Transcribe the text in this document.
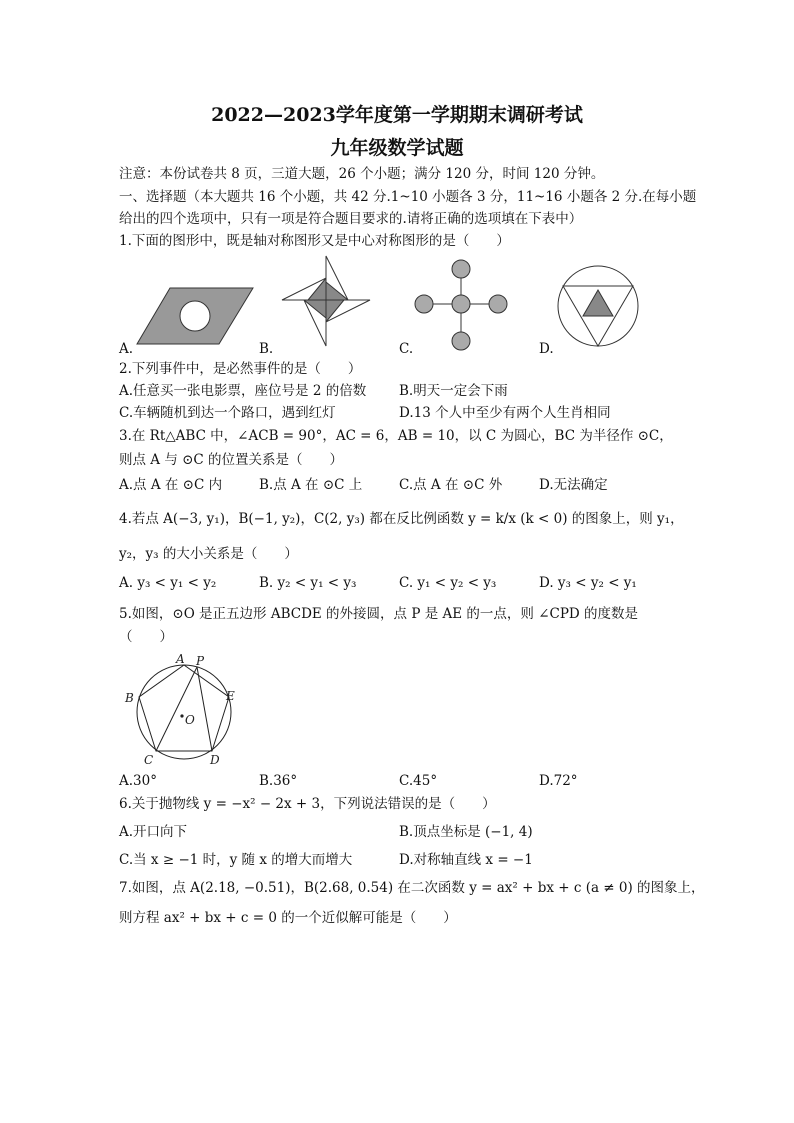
2022—2023学年度第一学期期末调研考试
九年级数学试题
注意：本份试卷共 8 页，三道大题，26 个小题；满分 120 分，时间 120 分钟。
一、选择题（本大题共 16 个小题，共 42 分.1~10 小题各 3 分，11~16 小题各 2 分.在每小题
给出的四个选项中，只有一项是符合题目要求的.请将正确的选项填在下表中）
1.下面的图形中，既是轴对称图形又是中心对称图形的是（　　）
A.	B.	C.	D.
2.下列事件中，是必然事件的是（　　）
A.任意买一张电影票，座位号是 2 的倍数 B.明天一定会下雨
C.车辆随机到达一个路口，遇到红灯	D.13 个人中至少有两个人生肖相同
3.在 Rt△ABC 中，∠ACB = 90°，AC = 6，AB = 10，以 C 为圆心，BC 为半径作 ⊙C，
则点 A 与 ⊙C 的位置关系是（　　）
A.点 A 在 ⊙C 内	B.点 A 在 ⊙C 上	C.点 A 在 ⊙C 外	D.无法确定
4.若点 A(−3, y₁)，B(−1, y₂)，C(2, y₃) 都在反比例函数 y = k/x (k < 0) 的图象上，则 y₁，
y₂，y₃ 的大小关系是（　　）
A. y₃ < y₁ < y₂	B. y₂ < y₁ < y₃	C. y₁ < y₂ < y₃	D. y₃ < y₂ < y₁
5.如图，⊙O 是正五边形 ABCDE 的外接圆，点 P 是 AE 的一点，则 ∠CPD 的度数是
（　　）
A P
B	E
O
C	D
A.30°	B.36°	C.45°	D.72°
6.关于抛物线 y = −x² − 2x + 3，下列说法错误的是（　　）
A.开口向下	B.顶点坐标是 (−1, 4)
C.当 x ≥ −1 时，y 随 x 的增大而增大	D.对称轴直线 x = −1
7.如图，点 A(2.18, −0.51)，B(2.68, 0.54) 在二次函数 y = ax² + bx + c (a ≠ 0) 的图象上，
则方程 ax² + bx + c = 0 的一个近似解可能是（　　）
